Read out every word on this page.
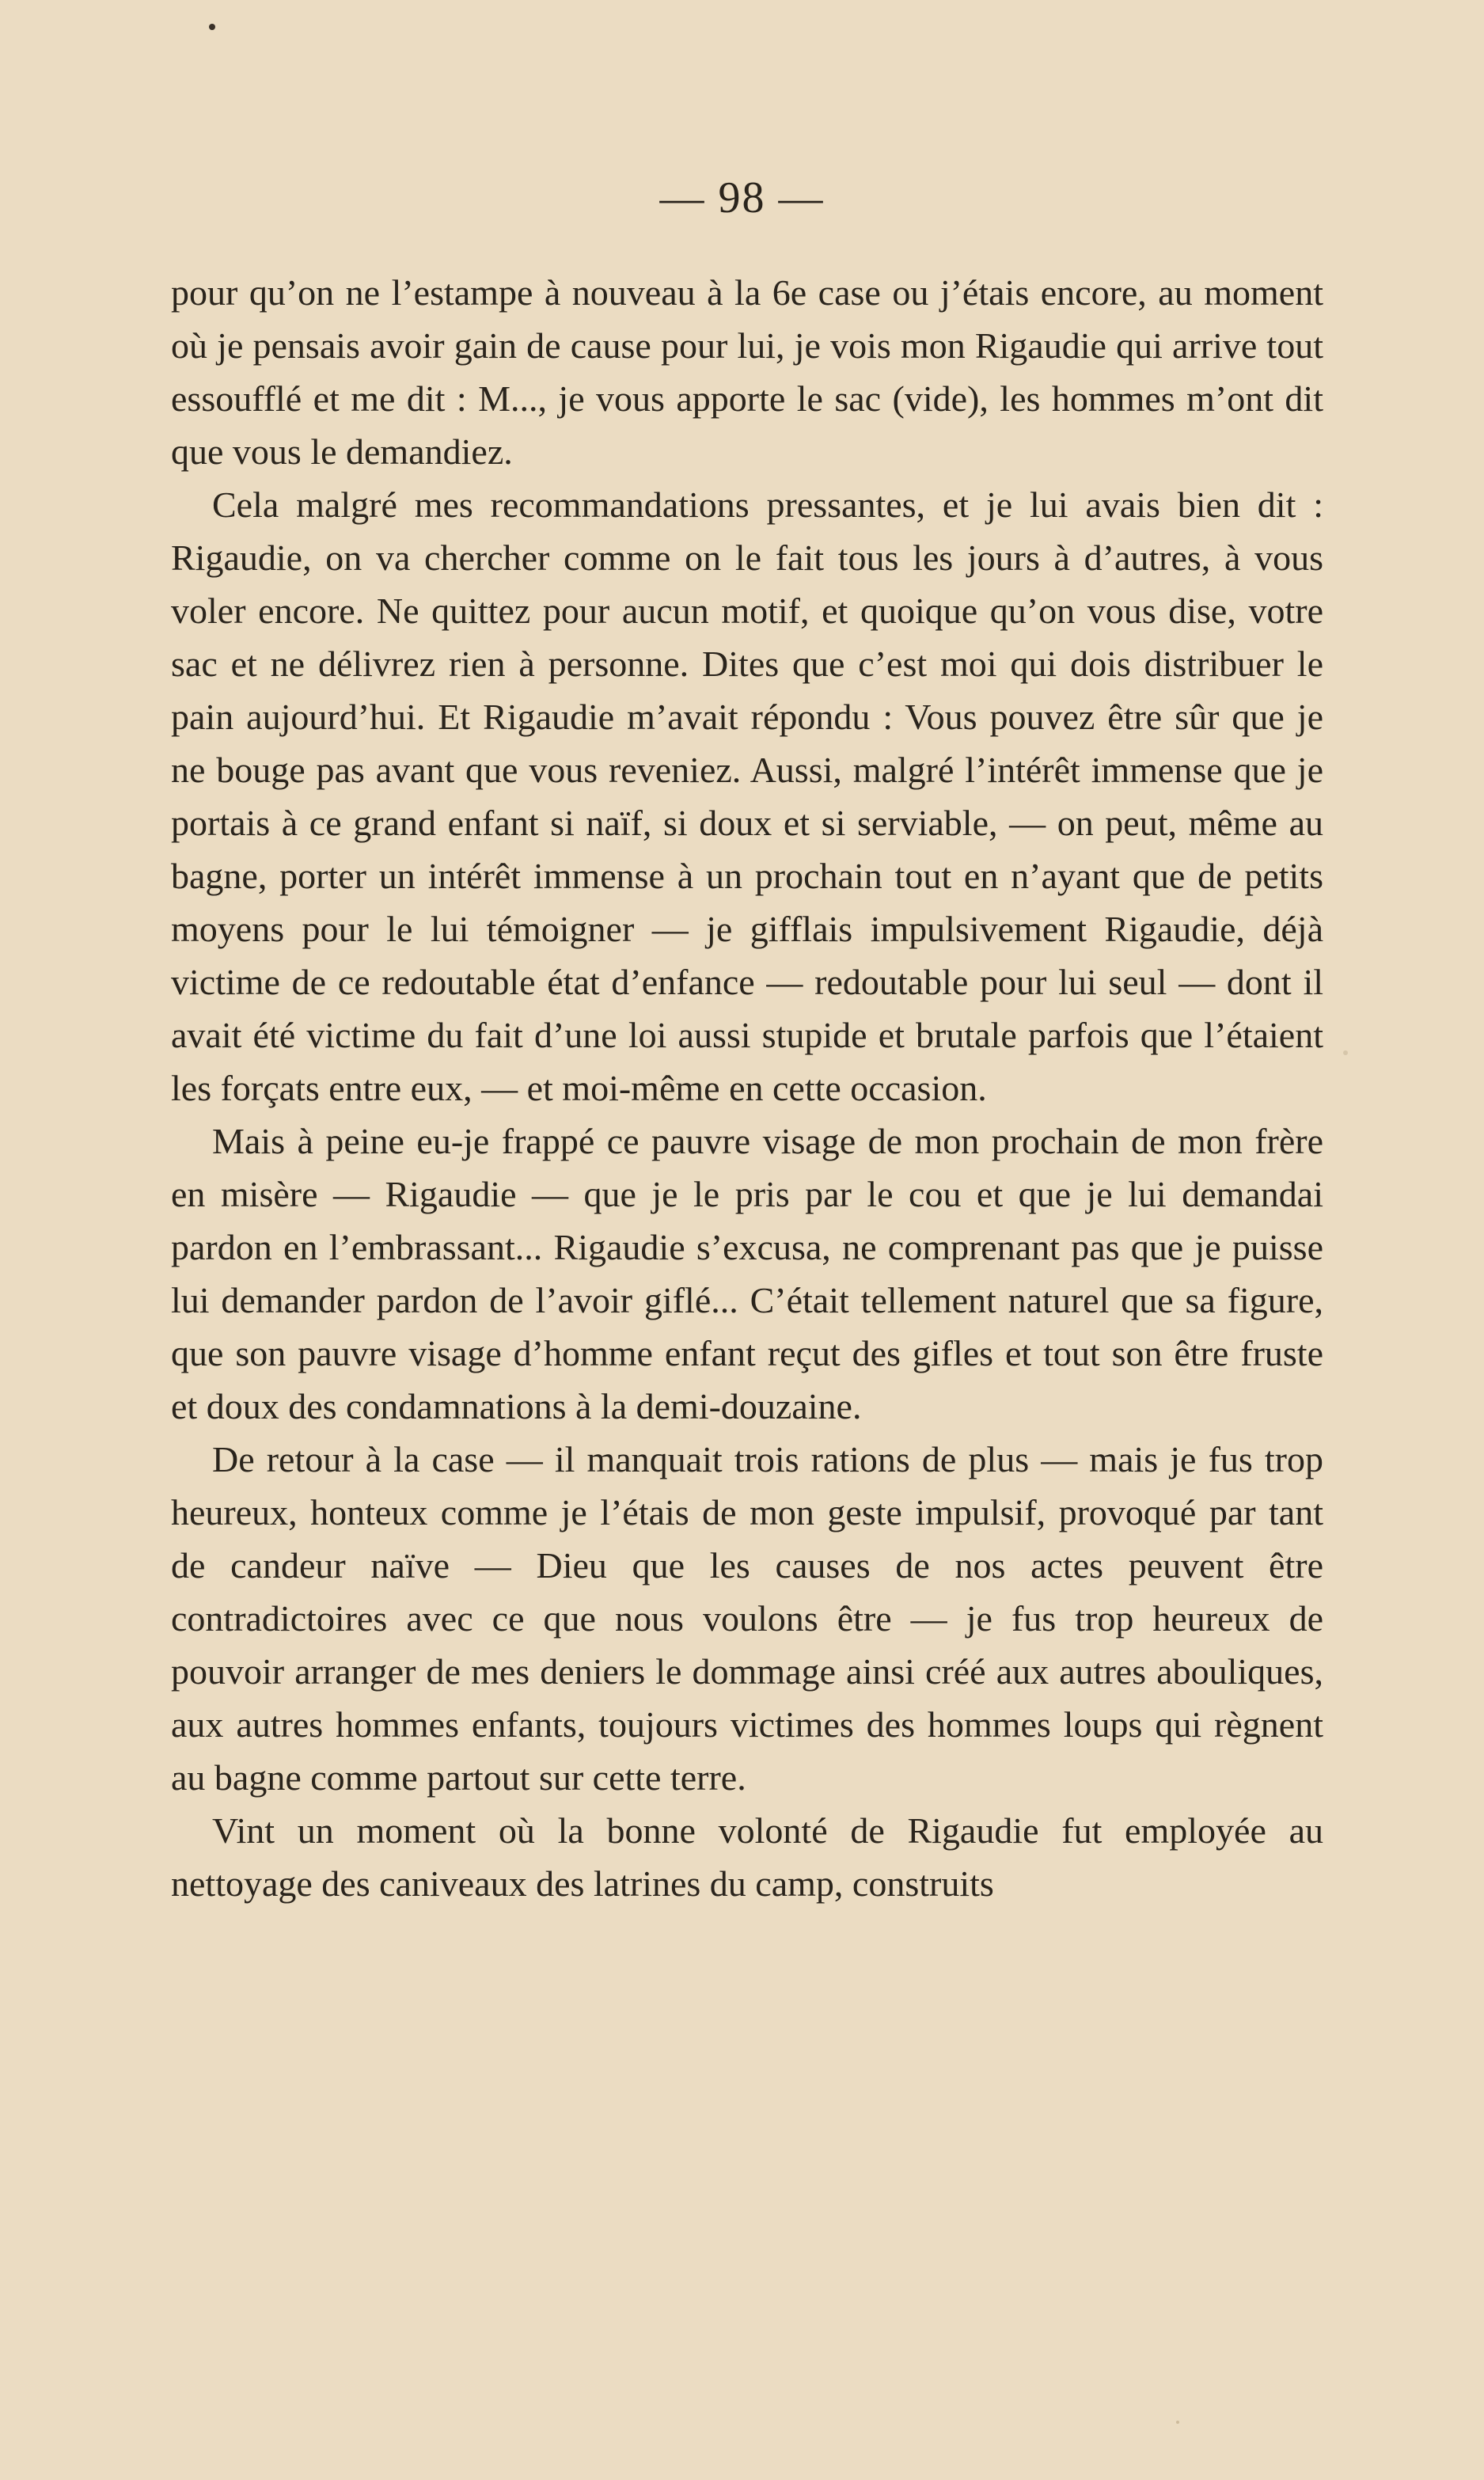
— 98 —

pour qu’on ne l’estampe à nouveau à la 6e case ou j’étais encore, au moment où je pensais avoir gain de cause pour lui, je vois mon Rigaudie qui arrive tout essoufflé et me dit : M..., je vous apporte le sac (vide), les hommes m’ont dit que vous le demandiez.

Cela malgré mes recommandations pressantes, et je lui avais bien dit : Rigaudie, on va chercher comme on le fait tous les jours à d’autres, à vous voler encore. Ne quittez pour aucun motif, et quoique qu’on vous dise, votre sac et ne délivrez rien à personne. Dites que c’est moi qui dois distribuer le pain aujourd’hui. Et Rigaudie m’avait répondu : Vous pouvez être sûr que je ne bouge pas avant que vous reveniez. Aussi, malgré l’intérêt immense que je portais à ce grand enfant si naïf, si doux et si serviable, — on peut, même au bagne, porter un intérêt immense à un prochain tout en n’ayant que de petits moyens pour le lui témoigner — je gifflais impulsivement Rigaudie, déjà victime de ce redoutable état d’enfance — redoutable pour lui seul — dont il avait été victime du fait d’une loi aussi stupide et brutale parfois que l’étaient les forçats entre eux, — et moi-même en cette occasion.

Mais à peine eu-je frappé ce pauvre visage de mon prochain de mon frère en misère — Rigaudie — que je le pris par le cou et que je lui demandai pardon en l’embrassant... Rigaudie s’excusa, ne comprenant pas que je puisse lui demander pardon de l’avoir giflé... C’était tellement naturel que sa figure, que son pauvre visage d’homme enfant reçut des gifles et tout son être fruste et doux des condamnations à la demi-douzaine.

De retour à la case — il manquait trois rations de plus — mais je fus trop heureux, honteux comme je l’étais de mon geste impulsif, provoqué par tant de candeur naïve — Dieu que les causes de nos actes peuvent être contradictoires avec ce que nous voulons être — je fus trop heureux de pouvoir arranger de mes deniers le dommage ainsi créé aux autres abouliques, aux autres hommes enfants, toujours victimes des hommes loups qui règnent au bagne comme partout sur cette terre.

Vint un moment où la bonne volonté de Rigaudie fut employée au nettoyage des caniveaux des latrines du camp, construits
